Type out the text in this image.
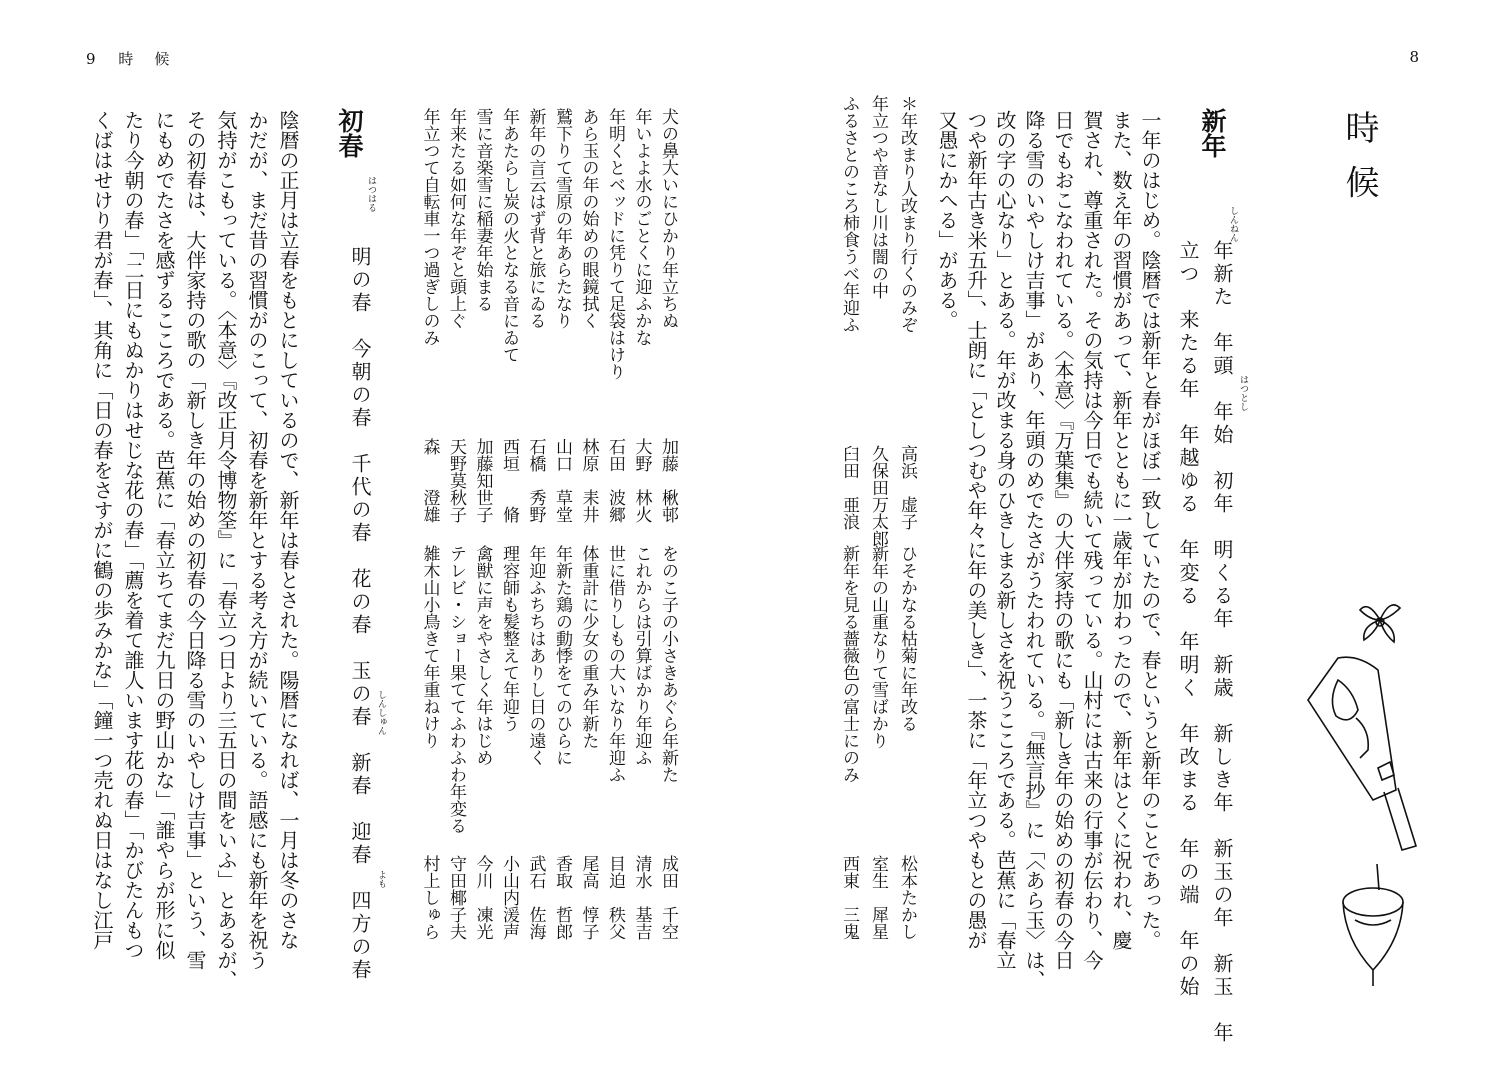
9 時候	8
時候
新年
しんねん
年新た　年頭　年始　初年　明くる年　新歳　新しき年　新玉の年　新玉　年 はつとし
立つ　来たる年　年越ゆる　年変る　年明く　年改まる　年の端　年の始
一年のはじめ。陰暦では新年と春がほぼ一致していたので、春というと新年のことであった。
また、数え年の習慣があって、新年とともに一歳年が加わったので、新年はとくに祝われ、慶
賀され、尊重された。その気持は今日でも続いて残っている。山村には古来の行事が伝わり、今
日でもおこなわれている。〈本意〉『万葉集』の大伴家持の歌にも「新しき年の始めの初春の今日
降る雪のいやしけ吉事」があり、年頭のめでたさがうたわれている。『無言抄』に「〈あら玉〉は、
改の字の心なり」とある。年が改まる身のひきしまる新しさを祝うこころである。芭蕉に「春立
つや新年古き米五升」、士朗に「としつむや年々に年の美しき」、一茶に「年立つやもとの愚が
又愚にかへる」がある。
＊年改まり人改まり行くのみぞ
高浜　虚子
年立つや音なし川は闇の中
久保田万太郎
ふるさとのころ柿食うべ年迎ふ
臼田　亜浪
ひそかなる枯菊に年改る
松本たかし
新年の山重なりて雪ばかり
室生　犀星
新年を見る薔薇色の富士にのみ
西東　三鬼
犬の鼻大いにひかり年立ちぬ
加藤　楸邨
年いよよ水のごとくに迎ふかな
大野　林火
年明くとベッドに凭りて足袋はけり
石田　波郷
あら玉の年の始めの眼鏡拭く
林原　耒井
鷲下りて雪原の年あらたなり
山口　草堂
新年の言云はず背と旅にゐる
石橋　秀野
年あたらし炭の火となる音にゐて
西垣　　脩
雪に音楽雪に稲妻年始まる
加藤知世子
年来たる如何な年ぞと頭上ぐ
天野莫秋子
年立つて自転車一つ過ぎしのみ
森　　澄雄
初春
はつはる
明の春　今朝の春　千代の春　花の春　玉の春　新春　迎春　四方の春 しんしゅん
よも
陰暦の正月は立春をもとにしているので、新年は春とされた。陽暦になれば、一月は冬のさな
かだが、まだ昔の習慣がのこって、初春を新年とする考え方が続いている。語感にも新年を祝う
気持がこもっている。〈本意〉『改正月令博物筌』に「春立つ日より三五日の間をいふ」とあるが、
その初春は、大伴家持の歌の「新しき年の始めの初春の今日降る雪のいやしけ吉事」という、雪
にもめでたさを感ずるこころである。芭蕉に「春立ちてまだ九日の野山かな」「誰やらが形に似
たり今朝の春」「二日にもぬかりはせじな花の春」「薦を着て誰人います花の春」「かびたんもつ
くばはせけり君が春」、其角に「日の春をさすがに鶴の歩みかな」「鐘一つ売れぬ日はなし江戸	をのこ子の小さきあぐら年新た
成田　千空
これからは引算ばかり年迎ふ
清水　基吉
世に借りしもの大いなり年迎ふ
目迫　秩父
体重計に少女の重み年新た
尾高　惇子
年新た鶏の動悸をてのひらに
香取　哲郎
年迎ふちちはありし日の遠く
武石　佐海
理容師も髪整えて年迎う
小山内湲声
禽獣に声をやさしく年はじめ
今川　凍光
テレビ・ショー果ててふわふわ年変る
守田椰子夫
雑木山小鳥きて年重ねけり
村上しゅら
